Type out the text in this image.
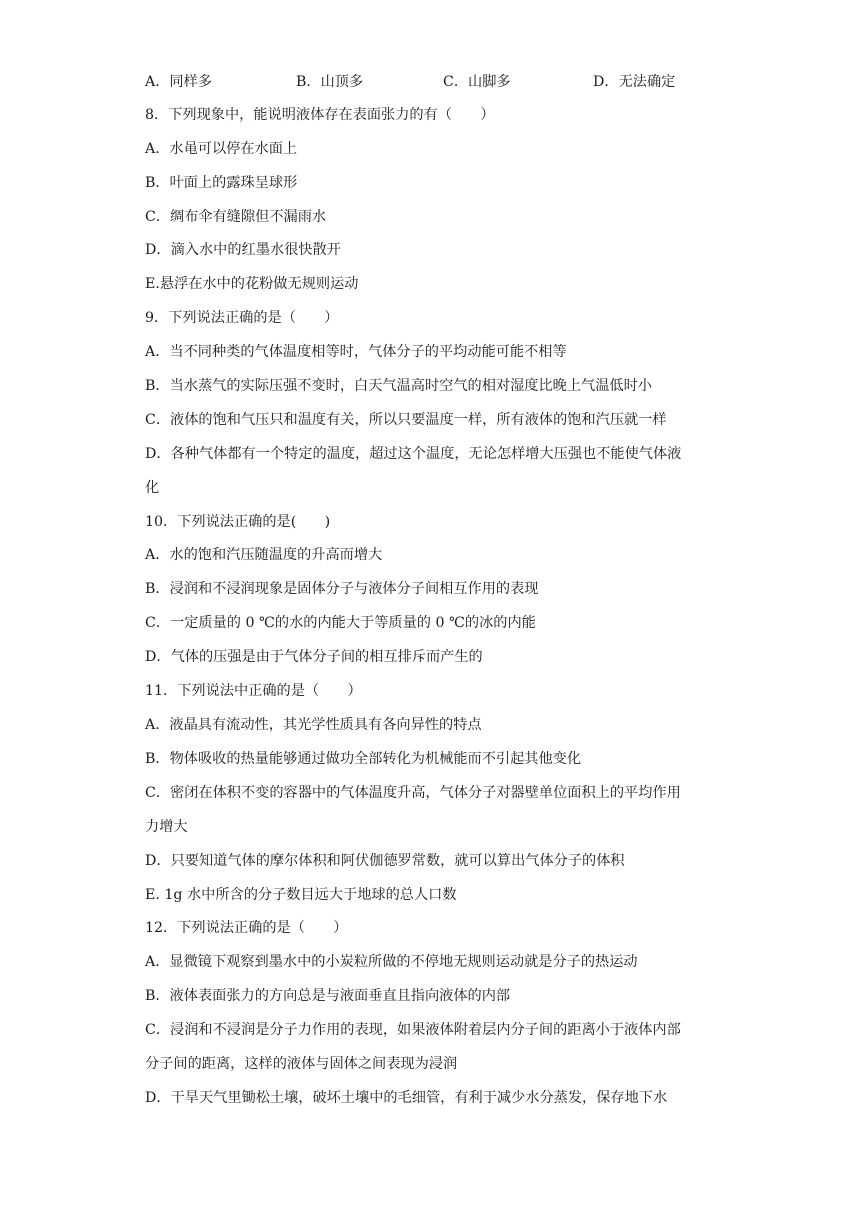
A．同样多	B．山顶多	C．山脚多	D．无法确定
8．下列现象中，能说明液体存在表面张力的有（　　）
A．水黾可以停在水面上
B．叶面上的露珠呈球形
C．绸布伞有缝隙但不漏雨水
D．滴入水中的红墨水很快散开
E.悬浮在水中的花粉做无规则运动
9．下列说法正确的是（　　）
A．当不同种类的气体温度相等时，气体分子的平均动能可能不相等
B．当水蒸气的实际压强不变时，白天气温高时空气的相对湿度比晚上气温低时小
C．液体的饱和气压只和温度有关，所以只要温度一样，所有液体的饱和汽压就一样
D．各种气体都有一个特定的温度，超过这个温度，无论怎样增大压强也不能使气体液
化
10．下列说法正确的是(　　)
A．水的饱和汽压随温度的升高而增大
B．浸润和不浸润现象是固体分子与液体分子间相互作用的表现
C．一定质量的 0 ℃的水的内能大于等质量的 0 ℃的冰的内能
D．气体的压强是由于气体分子间的相互排斥而产生的
11．下列说法中正确的是（　　）
A．液晶具有流动性，其光学性质具有各向异性的特点
B．物体吸收的热量能够通过做功全部转化为机械能而不引起其他变化
C．密闭在体积不变的容器中的气体温度升高，气体分子对器壁单位面积上的平均作用
力增大
D．只要知道气体的摩尔体积和阿伏伽德罗常数，就可以算出气体分子的体积
E. 1g 水中所含的分子数目远大于地球的总人口数
12．下列说法正确的是（　　）
A．显微镜下观察到墨水中的小炭粒所做的不停地无规则运动就是分子的热运动
B．液体表面张力的方向总是与液面垂直且指向液体的内部
C．浸润和不浸润是分子力作用的表现，如果液体附着层内分子间的距离小于液体内部
分子间的距离，这样的液体与固体之间表现为浸润
D．干旱天气里锄松土壤，破坏土壤中的毛细管，有利于减少水分蒸发，保存地下水
